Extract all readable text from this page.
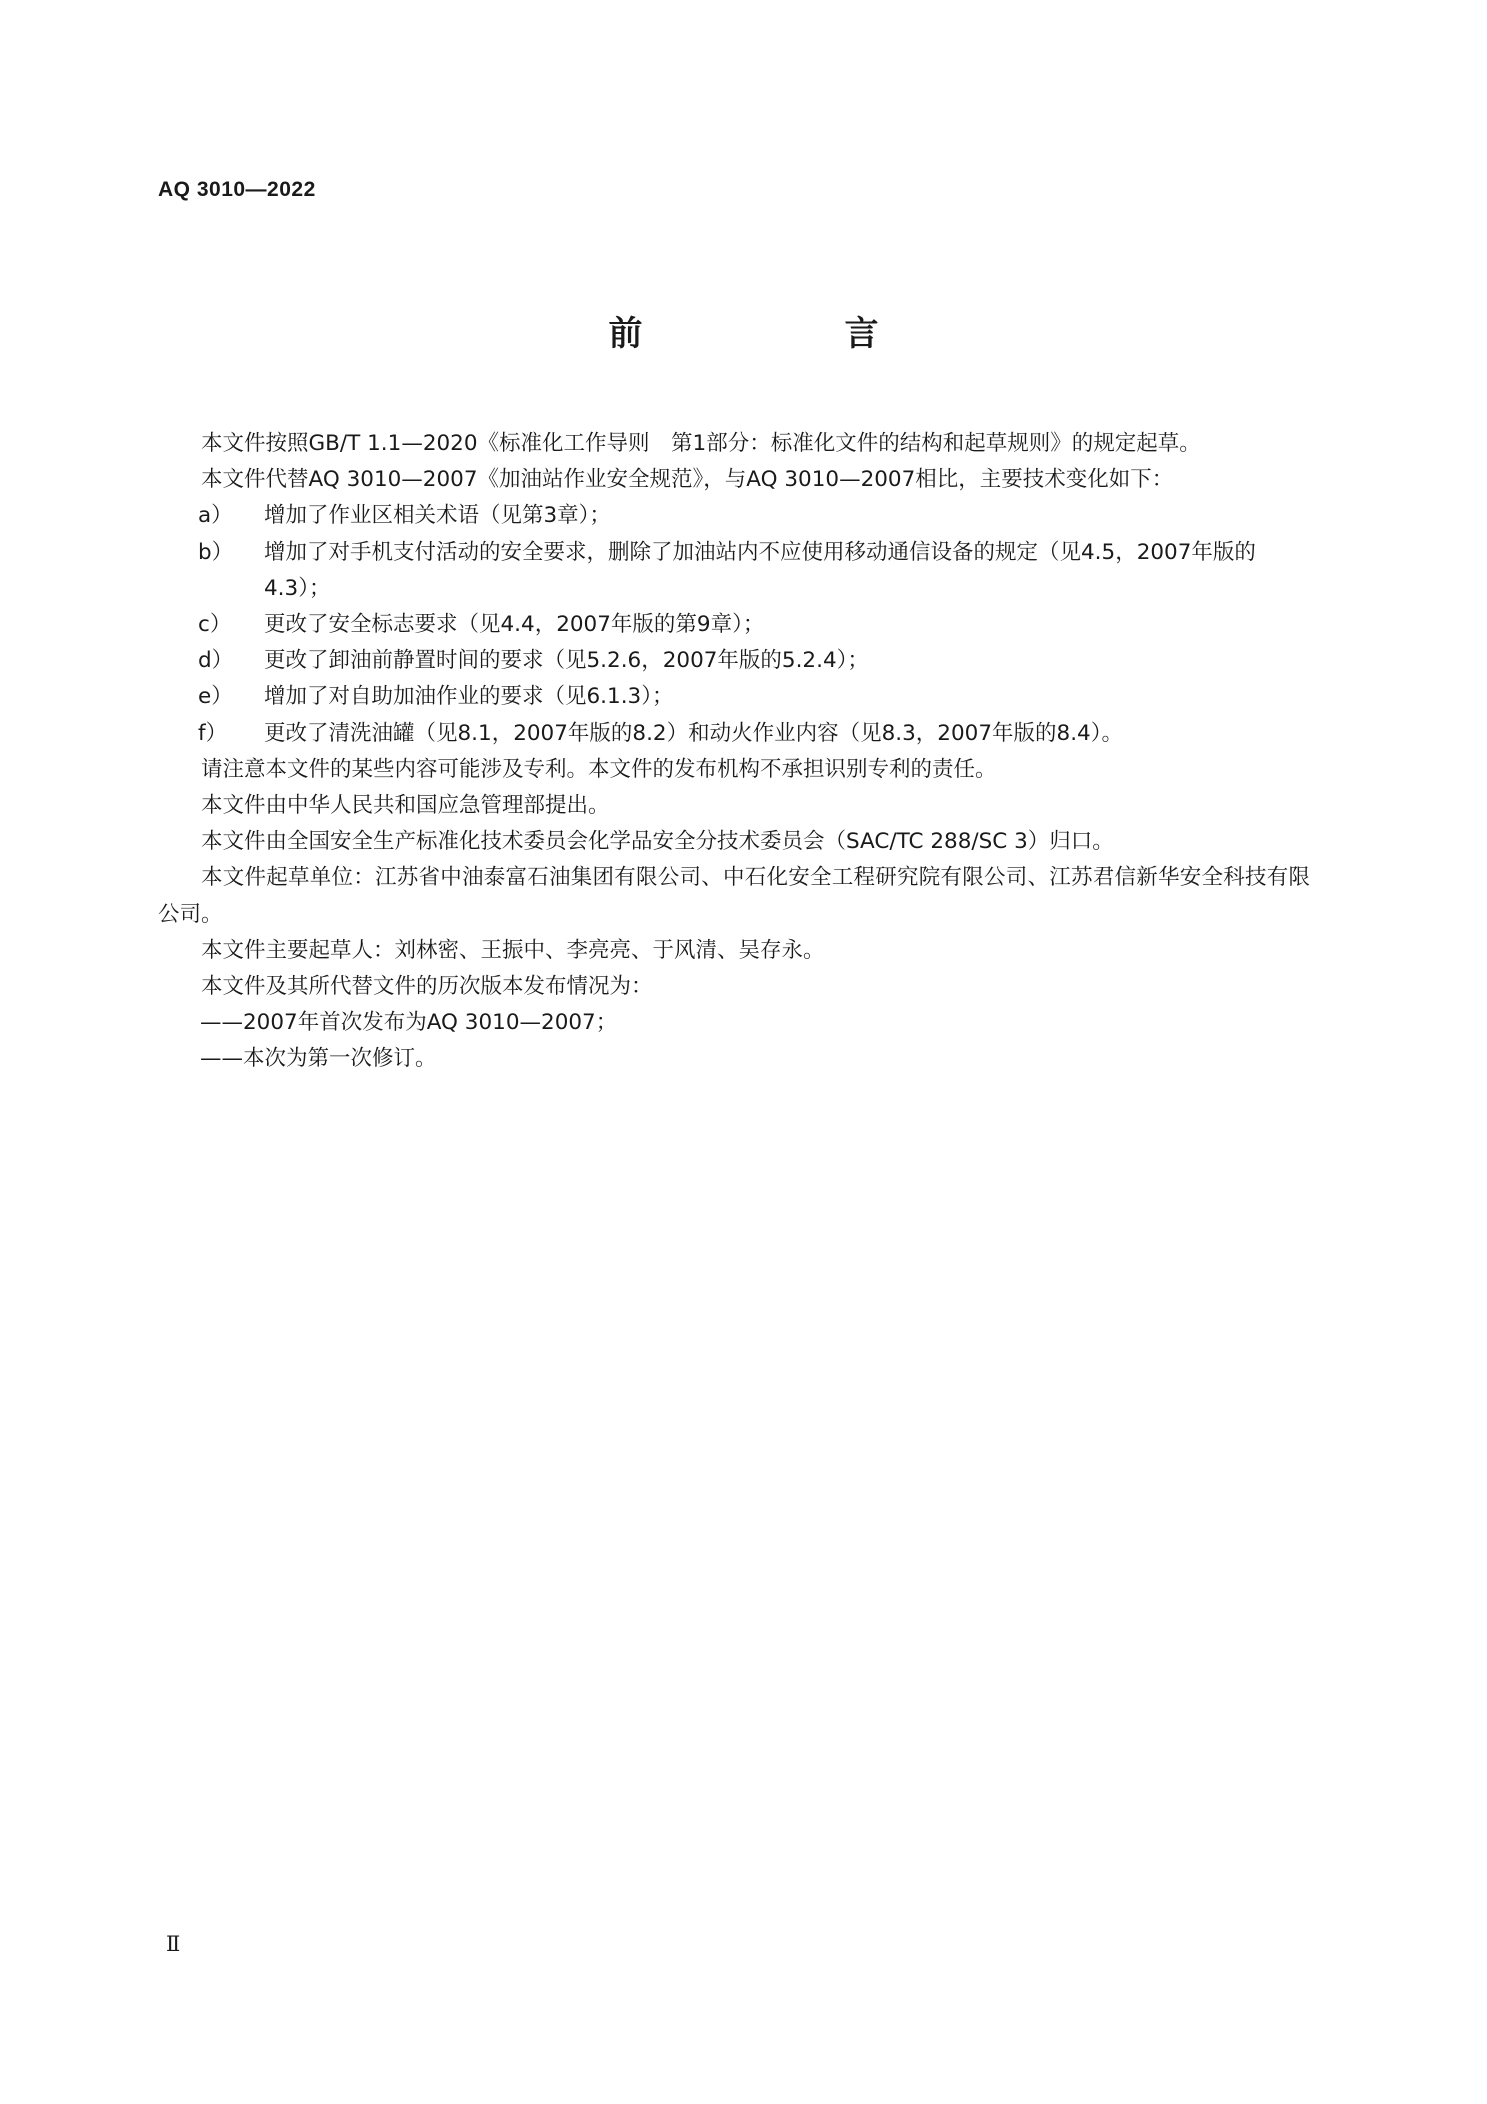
AQ 3010—2022
前　言

本文件按照GB/T 1.1—2020《标准化工作导则　第1部分：标准化文件的结构和起草规则》的规定起草。

本文件代替AQ 3010—2007《加油站作业安全规范》，与AQ 3010—2007相比，主要技术变化如下：

a）	增加了作业区相关术语（见第3章）；

b）	增加了对手机支付活动的安全要求，删除了加油站内不应使用移动通信设备的规定（见4.5，2007年版的4.3）；

c）	更改了安全标志要求（见4.4，2007年版的第9章）；

d）	更改了卸油前静置时间的要求（见5.2.6，2007年版的5.2.4）；

e）	增加了对自助加油作业的要求（见6.1.3）；

f）	更改了清洗油罐（见8.1，2007年版的8.2）和动火作业内容（见8.3，2007年版的8.4）。

请注意本文件的某些内容可能涉及专利。本文件的发布机构不承担识别专利的责任。

本文件由中华人民共和国应急管理部提出。

本文件由全国安全生产标准化技术委员会化学品安全分技术委员会（SAC/TC 288/SC 3）归口。

本文件起草单位：江苏省中油泰富石油集团有限公司、中石化安全工程研究院有限公司、江苏君信新华安全科技有限公司。

本文件主要起草人：刘林密、王振中、李亮亮、于风清、吴存永。

本文件及其所代替文件的历次版本发布情况为：

——2007年首次发布为AQ 3010—2007；

——本次为第一次修订。

Ⅱ
